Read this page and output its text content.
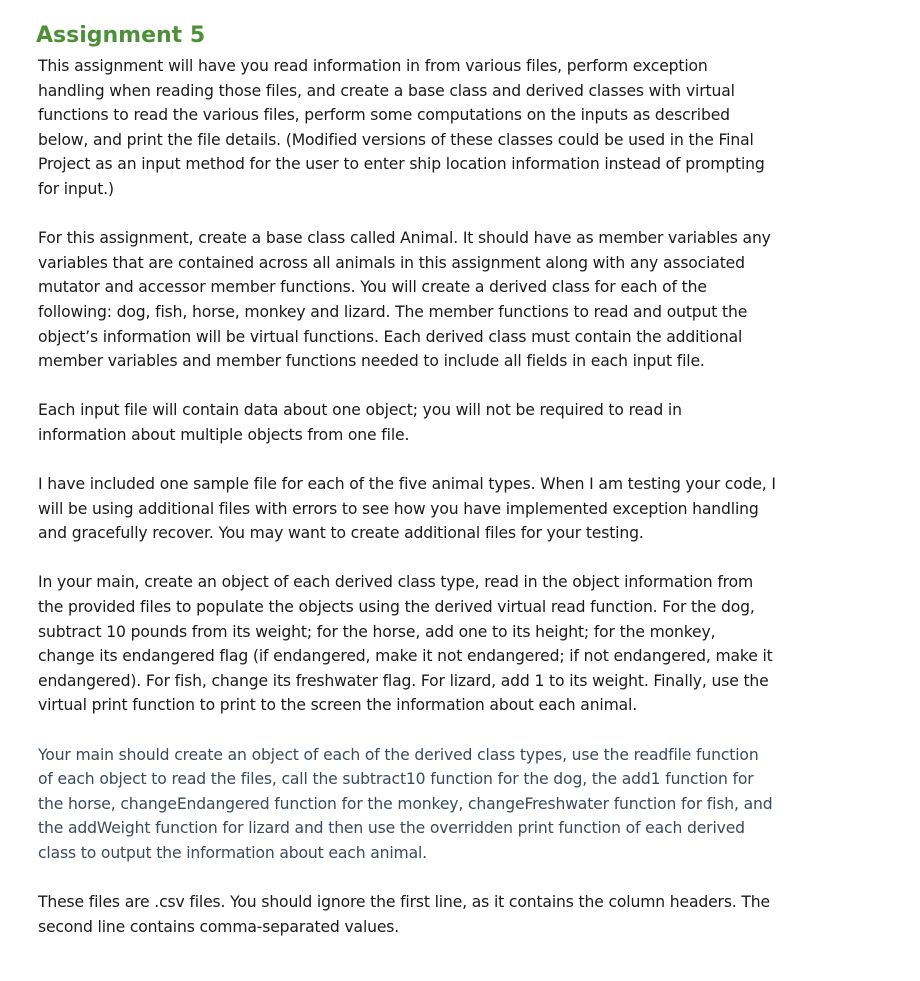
Assignment 5

This assignment will have you read information in from various files, perform exception
handling when reading those files, and create a base class and derived classes with virtual
functions to read the various files, perform some computations on the inputs as described
below, and print the file details. (Modified versions of these classes could be used in the Final
Project as an input method for the user to enter ship location information instead of prompting
for input.)

For this assignment, create a base class called Animal. It should have as member variables any
variables that are contained across all animals in this assignment along with any associated
mutator and accessor member functions. You will create a derived class for each of the
following: dog, fish, horse, monkey and lizard. The member functions to read and output the
object’s information will be virtual functions. Each derived class must contain the additional
member variables and member functions needed to include all fields in each input file.

Each input file will contain data about one object; you will not be required to read in
information about multiple objects from one file.

I have included one sample file for each of the five animal types. When I am testing your code, I
will be using additional files with errors to see how you have implemented exception handling
and gracefully recover. You may want to create additional files for your testing.

In your main, create an object of each derived class type, read in the object information from
the provided files to populate the objects using the derived virtual read function. For the dog,
subtract 10 pounds from its weight; for the horse, add one to its height; for the monkey,
change its endangered flag (if endangered, make it not endangered; if not endangered, make it
endangered). For fish, change its freshwater flag. For lizard, add 1 to its weight. Finally, use the
virtual print function to print to the screen the information about each animal.

Your main should create an object of each of the derived class types, use the readfile function
of each object to read the files, call the subtract10 function for the dog, the add1 function for
the horse, changeEndangered function for the monkey, changeFreshwater function for fish, and
the addWeight function for lizard and then use the overridden print function of each derived
class to output the information about each animal.

These files are .csv files. You should ignore the first line, as it contains the column headers. The
second line contains comma-separated values.
